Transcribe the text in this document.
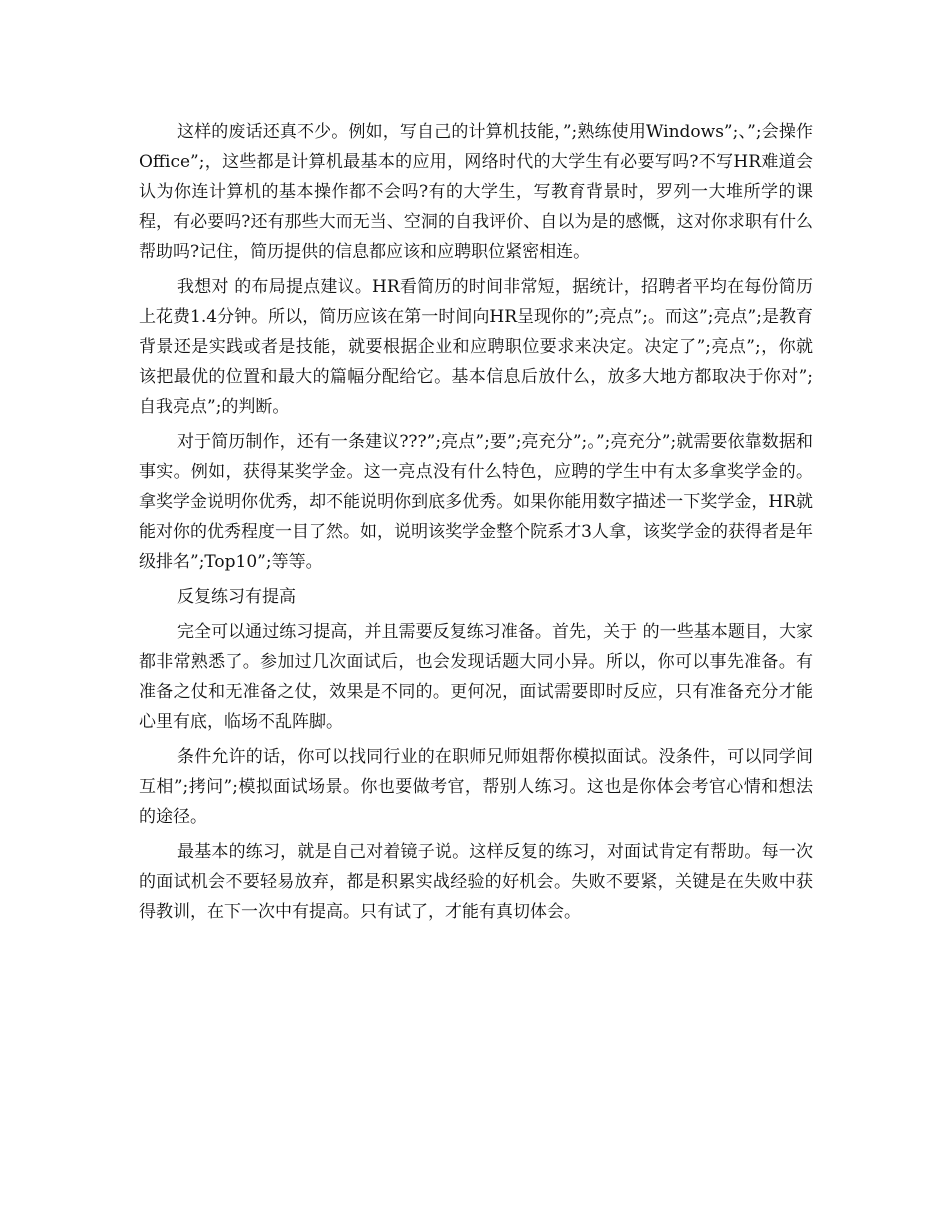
这样的废话还真不少。例如，写自己的计算机技能，”;熟练使用Windows”;、”;会操作Office”;，这些都是计算机最基本的应用，网络时代的大学生有必要写吗?不写HR难道会认为你连计算机的基本操作都不会吗?有的大学生，写教育背景时，罗列一大堆所学的课程，有必要吗?还有那些大而无当、空洞的自我评价、自以为是的感慨，这对你求职有什么帮助吗?记住，简历提供的信息都应该和应聘职位紧密相连。

我想对 的布局提点建议。HR看简历的时间非常短，据统计，招聘者平均在每份简历上花费1.4分钟。所以，简历应该在第一时间向HR呈现你的”;亮点”;。而这”;亮点”;是教育背景还是实践或者是技能，就要根据企业和应聘职位要求来决定。决定了”;亮点”;，你就该把最优的位置和最大的篇幅分配给它。基本信息后放什么，放多大地方都取决于你对”;自我亮点”;的判断。

对于简历制作，还有一条建议???”;亮点”;要”;亮充分”;。”;亮充分”;就需要依靠数据和事实。例如，获得某奖学金。这一亮点没有什么特色，应聘的学生中有太多拿奖学金的。拿奖学金说明你优秀，却不能说明你到底多优秀。如果你能用数字描述一下奖学金，HR就能对你的优秀程度一目了然。如，说明该奖学金整个院系才3人拿，该奖学金的获得者是年级排名”;Top10”;等等。

反复练习有提高

完全可以通过练习提高，并且需要反复练习准备。首先，关于 的一些基本题目，大家都非常熟悉了。参加过几次面试后，也会发现话题大同小异。所以，你可以事先准备。有准备之仗和无准备之仗，效果是不同的。更何况，面试需要即时反应，只有准备充分才能心里有底，临场不乱阵脚。

条件允许的话，你可以找同行业的在职师兄师姐帮你模拟面试。没条件，可以同学间互相”;拷问”;模拟面试场景。你也要做考官，帮别人练习。这也是你体会考官心情和想法的途径。

最基本的练习，就是自己对着镜子说。这样反复的练习，对面试肯定有帮助。每一次的面试机会不要轻易放弃，都是积累实战经验的好机会。失败不要紧，关键是在失败中获得教训，在下一次中有提高。只有试了，才能有真切体会。
